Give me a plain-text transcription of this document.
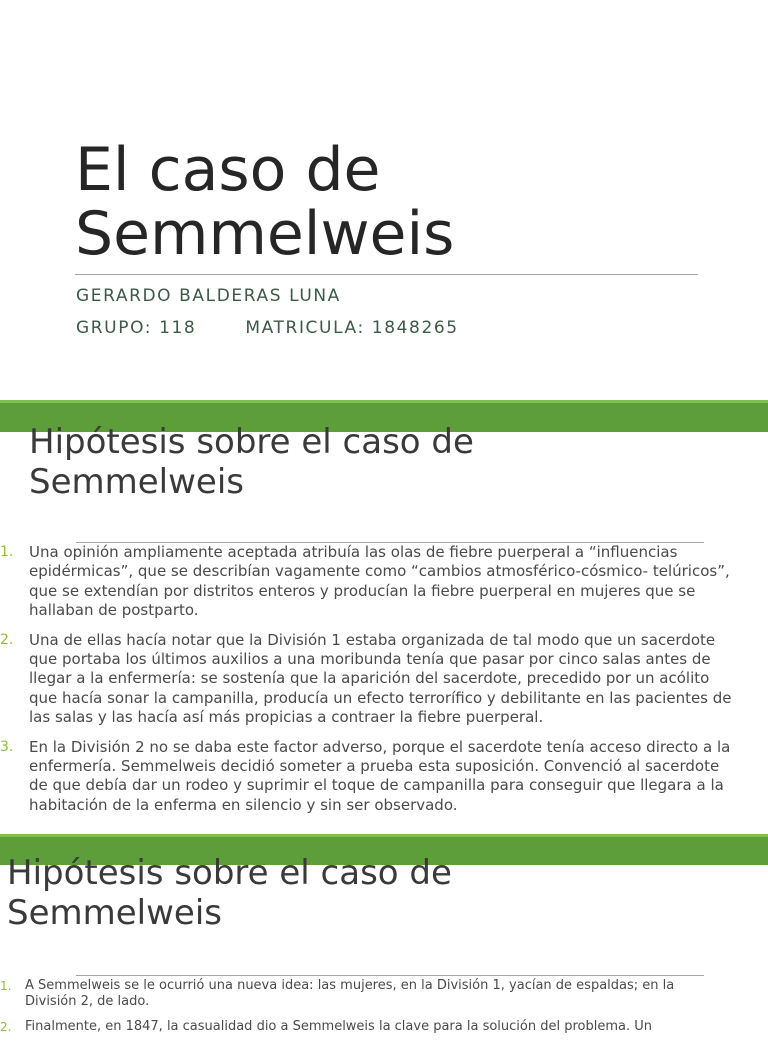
El caso de
Semmelweis
GERARDO BALDERAS LUNA
GRUPO: 118       MATRICULA: 1848265
Hipótesis sobre el caso de
Semmelweis
1. Una opinión ampliamente aceptada atribuía las olas de fiebre puerperal a “influencias epidérmicas”, que se describían vagamente como “cambios atmosférico-cósmico- telúricos”, que se extendían por distritos enteros y producían la fiebre puerperal en mujeres que se hallaban de postparto.
2. Una de ellas hacía notar que la División 1 estaba organizada de tal modo que un sacerdote que portaba los últimos auxilios a una moribunda tenía que pasar por cinco salas antes de llegar a la enfermería: se sostenía que la aparición del sacerdote, precedido por un acólito que hacía sonar la campanilla, producía un efecto terrorífico y debilitante en las pacientes de las salas y las hacía así más propicias a contraer la fiebre puerperal.
3. En la División 2 no se daba este factor adverso, porque el sacerdote tenía acceso directo a la enfermería. Semmelweis decidió someter a prueba esta suposición. Convenció al sacerdote de que debía dar un rodeo y suprimir el toque de campanilla para conseguir que llegara a la habitación de la enferma en silencio y sin ser observado.
Hipótesis sobre el caso de
Semmelweis
1. A Semmelweis se le ocurrió una nueva idea: las mujeres, en la División 1, yacían de espaldas; en la División 2, de lado.
2. Finalmente, en 1847, la casualidad dio a Semmelweis la clave para la solución del problema. Un
